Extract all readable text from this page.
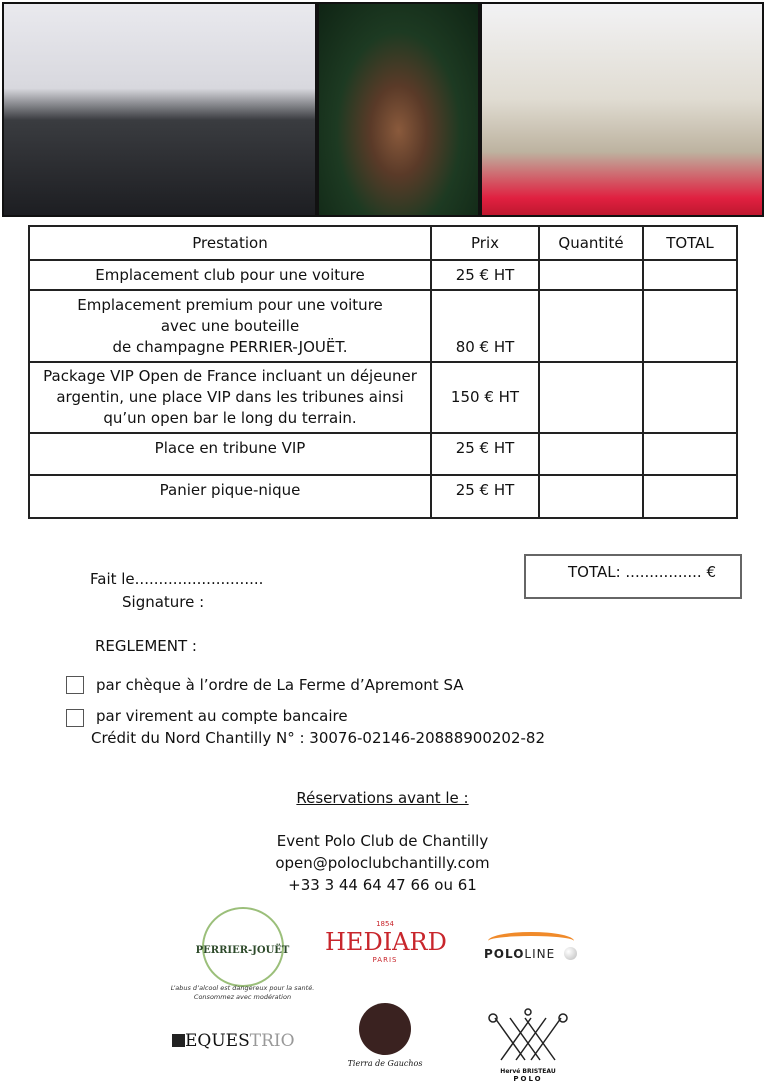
Prestation	Prix	Quantité	TOTAL

Emplacement club pour une voiture	25 € HT		

Emplacement premium pour une voiture
avec une bouteille
de champagne PERRIER-JOUËT.	80 € HT		

Package VIP Open de France incluant un déjeuner
argentin, une place VIP dans les tribunes ainsi
qu’un open bar le long du terrain.	150 € HT		

Place en tribune VIP	25 € HT		

Panier pique-nique	25 € HT		
TOTAL: ................ €
Fait le...........................
Signature :
REGLEMENT :
par chèque à l’ordre de La Ferme d’Apremont SA
par virement au compte bancaire
Crédit du Nord Chantilly N° : 30076-02146-20888900202-82
Réservations avant le :
Event Polo Club de Chantilly
open@poloclubchantilly.com
+33 3 44 64 47 66 ou 61
PERRIER-JOUËT
L’abus d’alcool est dangereux pour la santé.
Consommez avec modération
1854
HEDIARD
PARIS	POLOLINE
EQUESTRIO
Tierra de Gauchos
Hervé BRISTEAU
POLO
